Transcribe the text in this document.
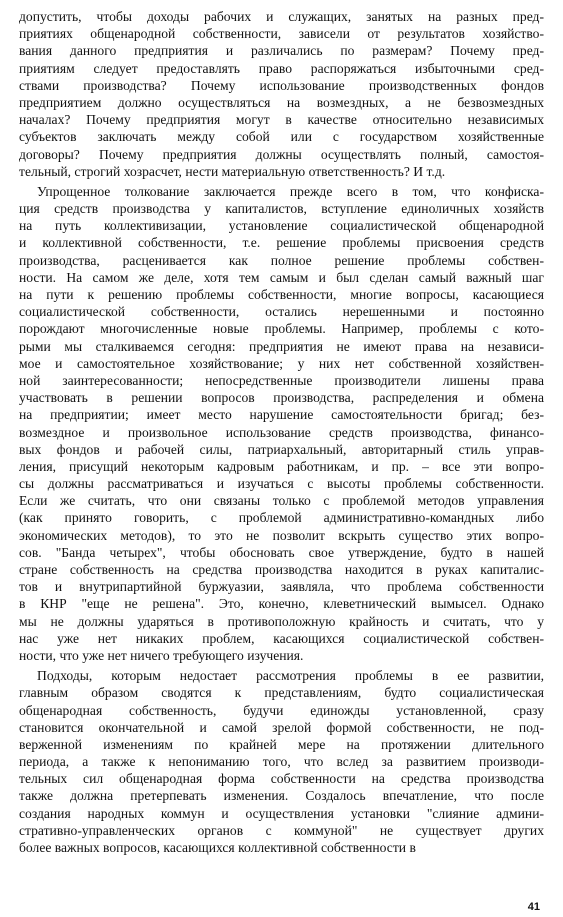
допустить, чтобы доходы рабочих и служащих, занятых на разных пред-
приятиях общенародной собственности, зависели от результатов хозяйство-
вания данного предприятия и различались по размерам? Почему пред-
приятиям следует предоставлять право распоряжаться избыточными сред-
ствами производства? Почему использование производственных фондов
предприятием должно осуществляться на возмездных, а не безвозмездных
началах? Почему предприятия могут в качестве относительно независимых
субъектов заключать между собой или с государством хозяйственные
договоры? Почему предприятия должны осуществлять полный, самостоя-
тельный, строгий хозрасчет, нести материальную ответственность? И т.д.
Упрощенное толкование заключается прежде всего в том, что конфиска-
ция средств производства у капиталистов, вступление единоличных хозяйств
на путь коллективизации, установление социалистической общенародной
и коллективной собственности, т.е. решение проблемы присвоения средств
производства, расценивается как полное решение проблемы собствен-
ности. На самом же деле, хотя тем самым и был сделан самый важный шаг
на пути к решению проблемы собственности, многие вопросы, касающиеся
социалистической собственности, остались нерешенными и постоянно
порождают многочисленные новые проблемы. Например, проблемы с кото-
рыми мы сталкиваемся сегодня: предприятия не имеют права на независи-
мое и самостоятельное хозяйствование; у них нет собственной хозяйствен-
ной заинтересованности; непосредственные производители лишены права
участвовать в решении вопросов производства, распределения и обмена
на предприятии; имеет место нарушение самостоятельности бригад; без-
возмездное и произвольное использование средств производства, финансо-
вых фондов и рабочей силы, патриархальный, авторитарный стиль управ-
ления, присущий некоторым кадровым работникам, и пр. – все эти вопро-
сы должны рассматриваться и изучаться с высоты проблемы собственности.
Если же считать, что они связаны только с проблемой методов управления
(как принято говорить, с проблемой административно-командных либо
экономических методов), то это не позволит вскрыть существо этих вопро-
сов. "Банда четырех", чтобы обосновать свое утверждение, будто в нашей
стране собственность на средства производства находится в руках капиталис-
тов и внутрипартийной буржуазии, заявляла, что проблема собственности
в КНР "еще не решена". Это, конечно, клеветнический вымысел. Однако
мы не должны ударяться в противоположную крайность и считать, что у
нас уже нет никаких проблем, касающихся социалистической собствен-
ности, что уже нет ничего требующего изучения.
Подходы, которым недостает рассмотрения проблемы в ее развитии,
главным образом сводятся к представлениям, будто социалистическая
общенародная собственность, будучи единожды установленной, сразу
становится окончательной и самой зрелой формой собственности, не под-
верженной изменениям по крайней мере на протяжении длительного
периода, а также к непониманию того, что вслед за развитием производи-
тельных сил общенародная форма собственности на средства производства
также должна претерпевать изменения. Создалось впечатление, что после
создания народных коммун и осуществления установки "слияние админи-
стративно-управленческих органов с коммуной" не существует других
более важных вопросов, касающихся коллективной собственности в
41
